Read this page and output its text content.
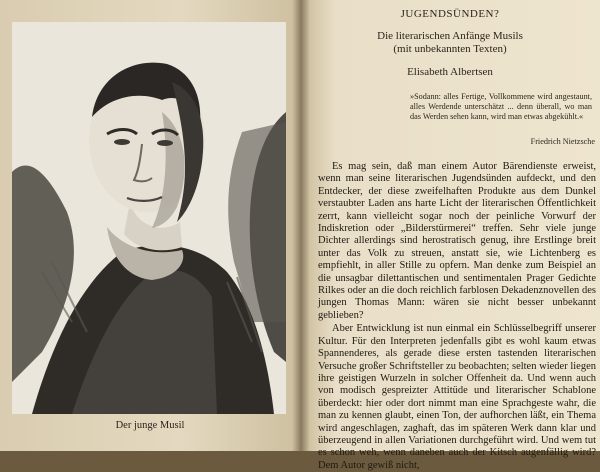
Der junge Musil
JUGENDSÜNDEN?
Die literarischen Anfänge Musils
(mit unbekannten Texten)
Elisabeth Albertsen
»Sodann: alles Fertige, Vollkommene wird angestaunt, alles Werdende unterschätzt ... denn überall, wo man das Werden sehen kann, wird man etwas abgekühlt.«
Friedrich Nietzsche

Es mag sein, daß man einem Autor Bärendienste erweist, wenn man seine literarischen Jugendsünden aufdeckt, und den Entdecker, der diese zweifelhaften Produkte aus dem Dunkel verstaubter Laden ans harte Licht der literarischen Öffentlichkeit zerrt, kann vielleicht sogar noch der peinliche Vorwurf der Indiskretion oder „Bilderstürmerei“ treffen. Sehr viele junge Dichter allerdings sind herostratisch genug, ihre Erstlinge breit unter das Volk zu streuen, anstatt sie, wie Lichtenberg es empfiehlt, in aller Stille zu opfern. Man denke zum Beispiel an die unsagbar dilettantischen und sentimentalen Prager Gedichte Rilkes oder an die doch reichlich farblosen Dekadenznovellen des jungen Thomas Mann: wären sie nicht besser unbekannt geblieben?

Aber Entwicklung ist nun einmal ein Schlüsselbegriff unserer Kultur. Für den Interpreten jedenfalls gibt es wohl kaum etwas Spannenderes, als gerade diese ersten tastenden literarischen Versuche großer Schriftsteller zu beobachten; selten wieder liegen ihre geistigen Wurzeln in solcher Offenheit da. Und wenn auch von modisch gespreizter Attitüde und literarischer Schablone überdeckt: hier oder dort nimmt man eine Sprachgeste wahr, die man zu kennen glaubt, einen Ton, der aufhorchen läßt, ein Thema wird angeschlagen, zaghaft, das im späteren Werk dann klar und überzeugend in allen Variationen durchgeführt wird. Und wem tut es schon weh, wenn daneben auch der Kitsch augenfällig wird? Dem Autor gewiß nicht,
